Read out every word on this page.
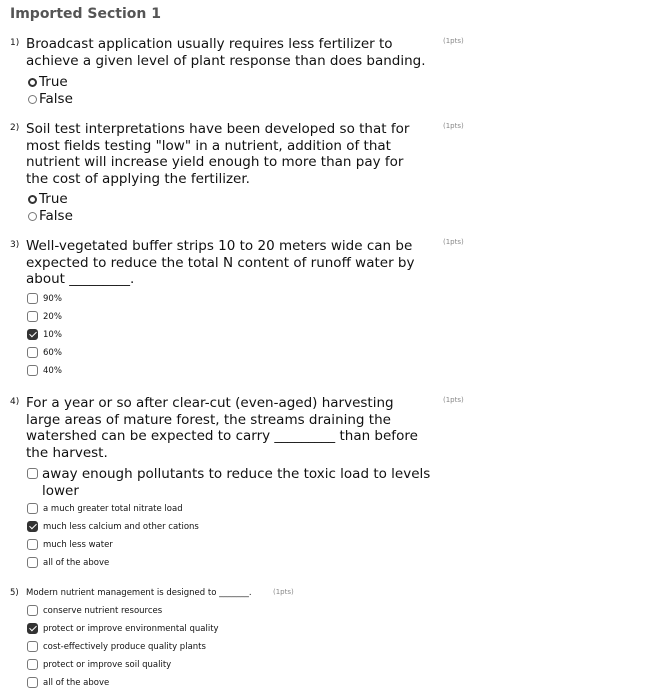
Imported Section 1
1)	(1pts)
Broadcast application usually requires less fertilizer to
achieve a given level of plant response than does banding.
True
False
2)	(1pts)
Soil test interpretations have been developed so that for
most fields testing "low" in a nutrient, addition of that
nutrient will increase yield enough to more than pay for
the cost of applying the fertilizer.
True
False
3)	(1pts)
Well-vegetated buffer strips 10 to 20 meters wide can be
expected to reduce the total N content of runoff water by
about _________.
90%
20%
10%
60%
40%
4)	(1pts)
For a year or so after clear-cut (even-aged) harvesting
large areas of mature forest, the streams draining the
watershed can be expected to carry _________ than before
the harvest.
away enough pollutants to reduce the toxic load to levels
lower
a much greater total nitrate load
much less calcium and other cations
much less water
all of the above
5) Modern nutrient management is designed to _______.	(1pts)
conserve nutrient resources
protect or improve environmental quality
cost-effectively produce quality plants
protect or improve soil quality
all of the above
